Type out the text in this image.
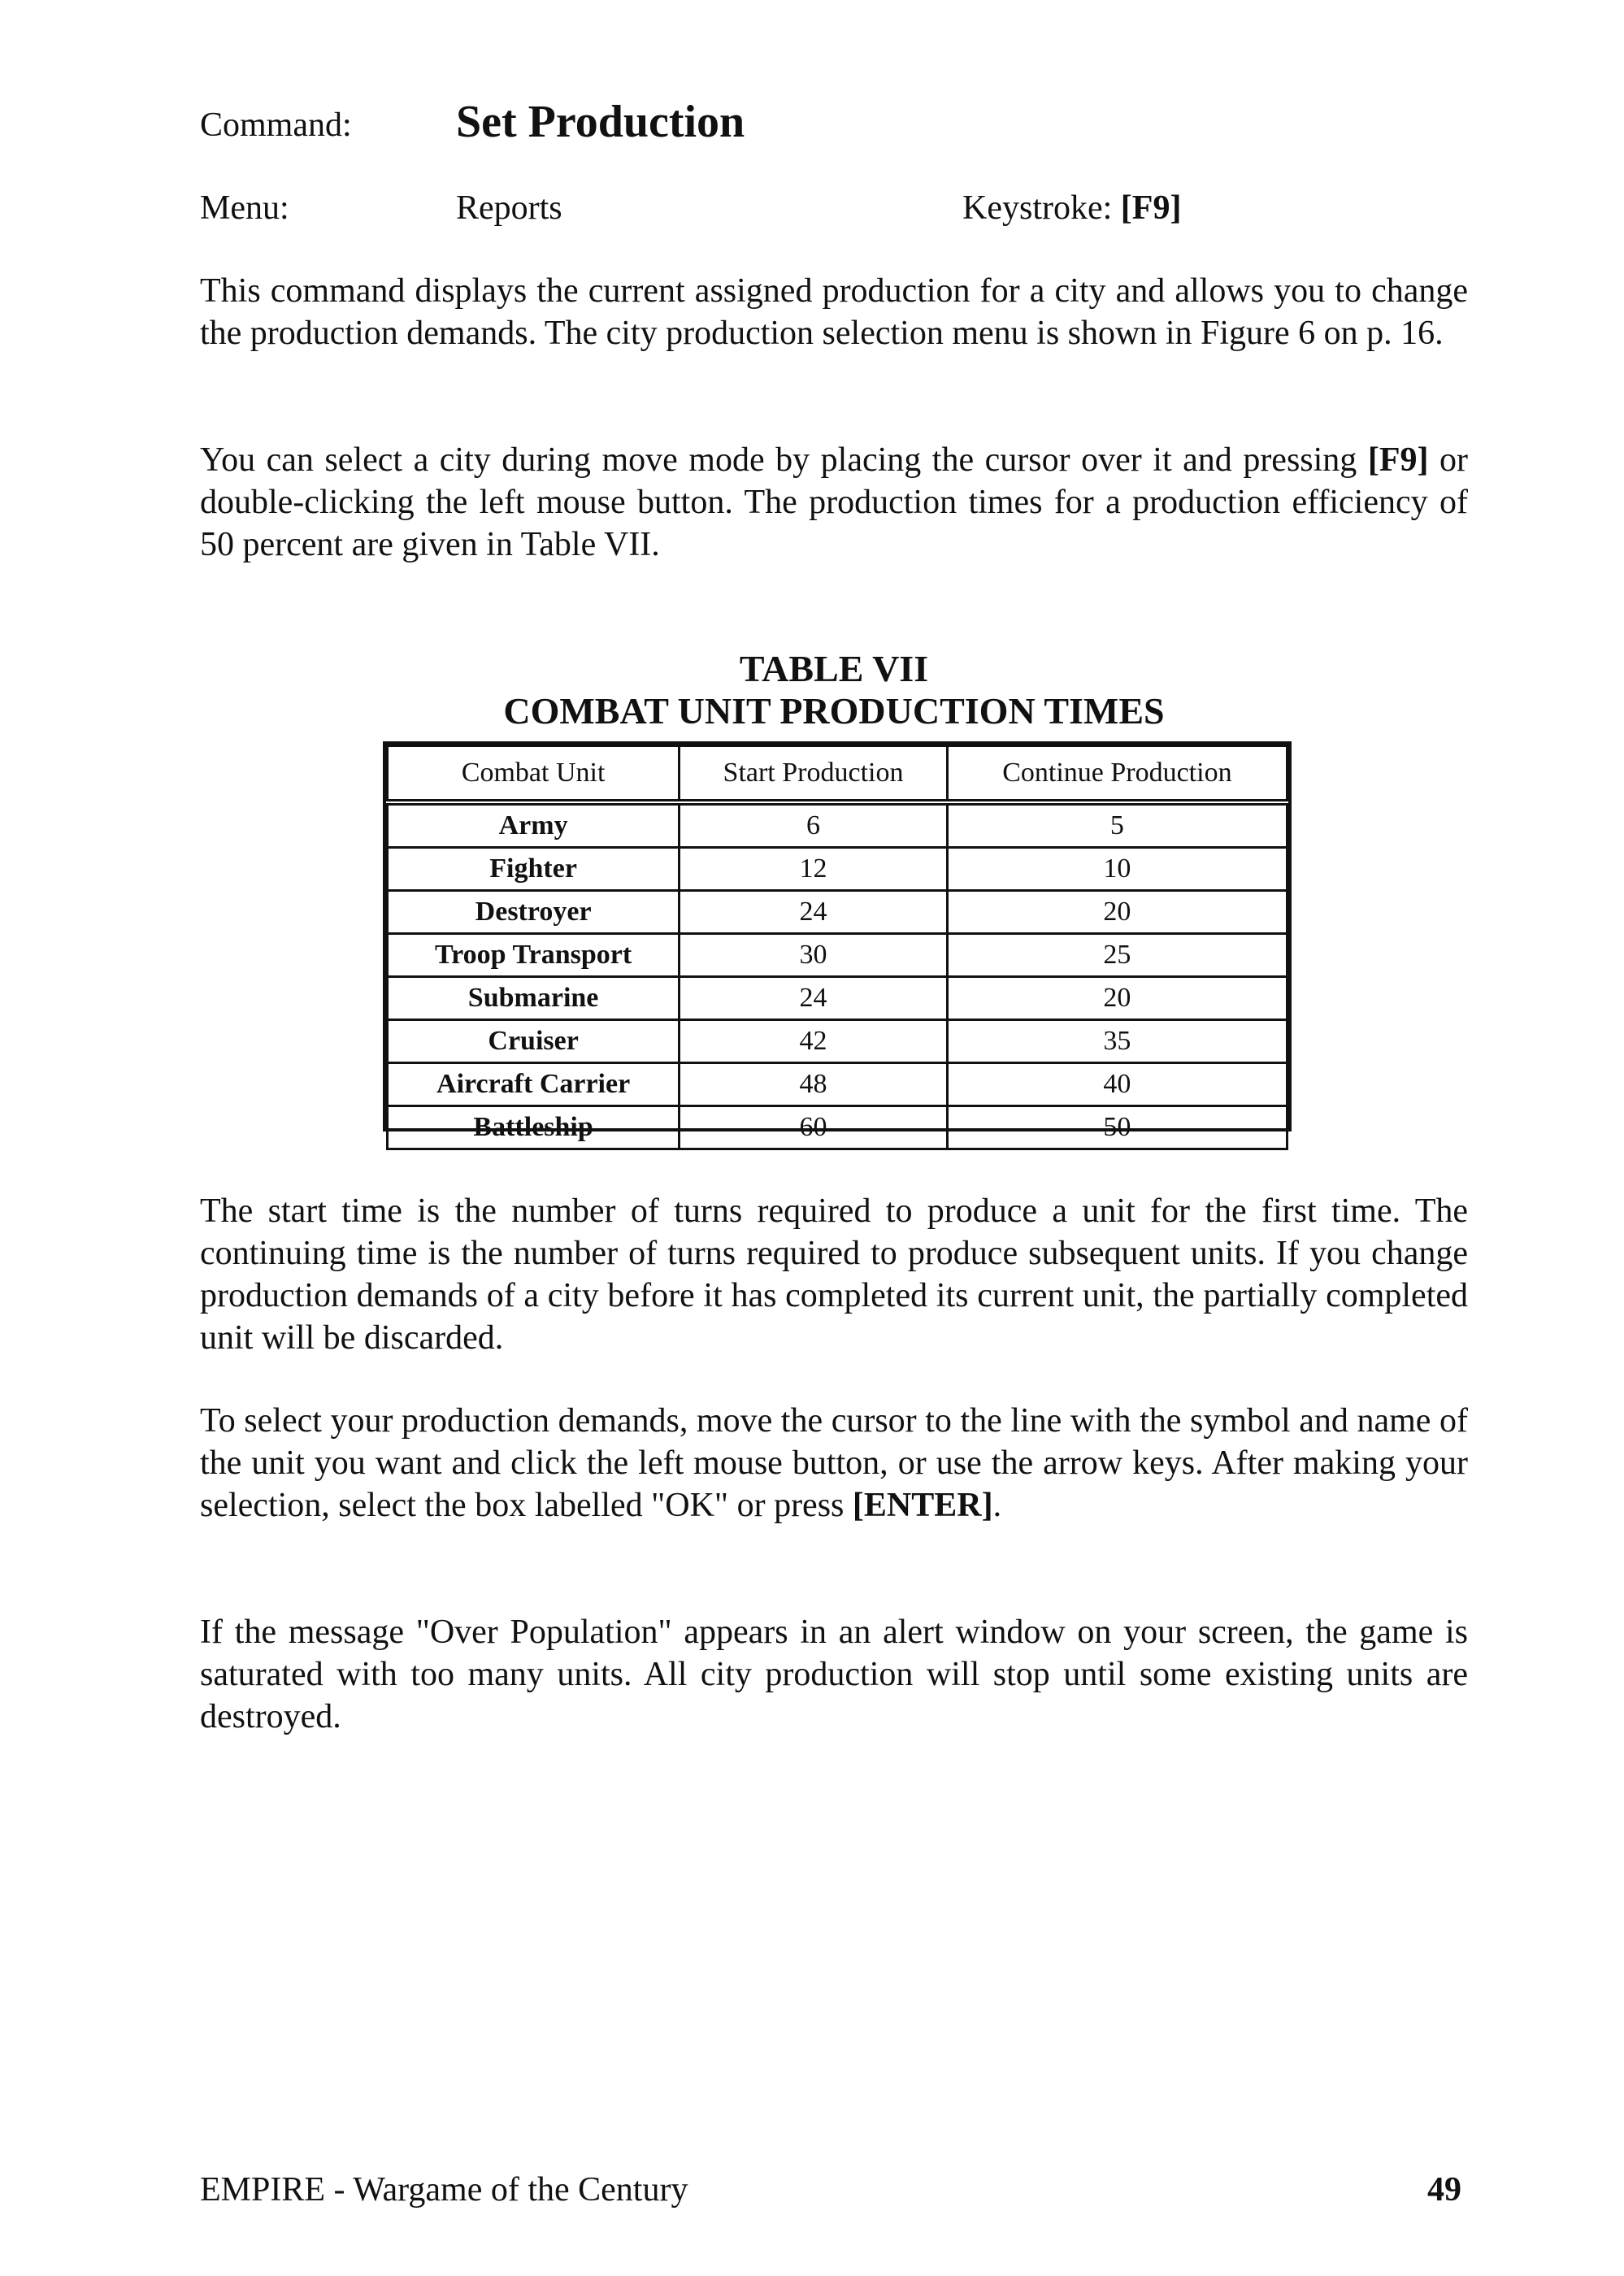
Command: Set Production
Menu:	Reports	Keystroke: [F9]

This command displays the current assigned production for a city and allows you to change the production demands. The city production selection menu is shown in Figure 6 on p. 16.

You can select a city during move mode by placing the cursor over it and pressing [F9] or double-clicking the left mouse button. The production times for a production efficiency of 50 percent are given in Table VII.

TABLE VII
COMBAT UNIT PRODUCTION TIMES
Combat Unit	Start Production	Continue Production
Army	6	5
Fighter	12	10
Destroyer	24	20
Troop Transport	30	25
Submarine	24	20
Cruiser	42	35
Aircraft Carrier	48	40
Battleship	60	50

The start time is the number of turns required to produce a unit for the first time. The continuing time is the number of turns required to produce subsequent units. If you change production demands of a city before it has completed its current unit, the partially completed unit will be discarded.

To select your production demands, move the cursor to the line with the symbol and name of the unit you want and click the left mouse button, or use the arrow keys. After making your selection, select the box labelled "OK" or press [ENTER].

If the message "Over Population" appears in an alert window on your screen, the game is saturated with too many units. All city production will stop until some existing units are destroyed.

EMPIRE - Wargame of the Century	49
